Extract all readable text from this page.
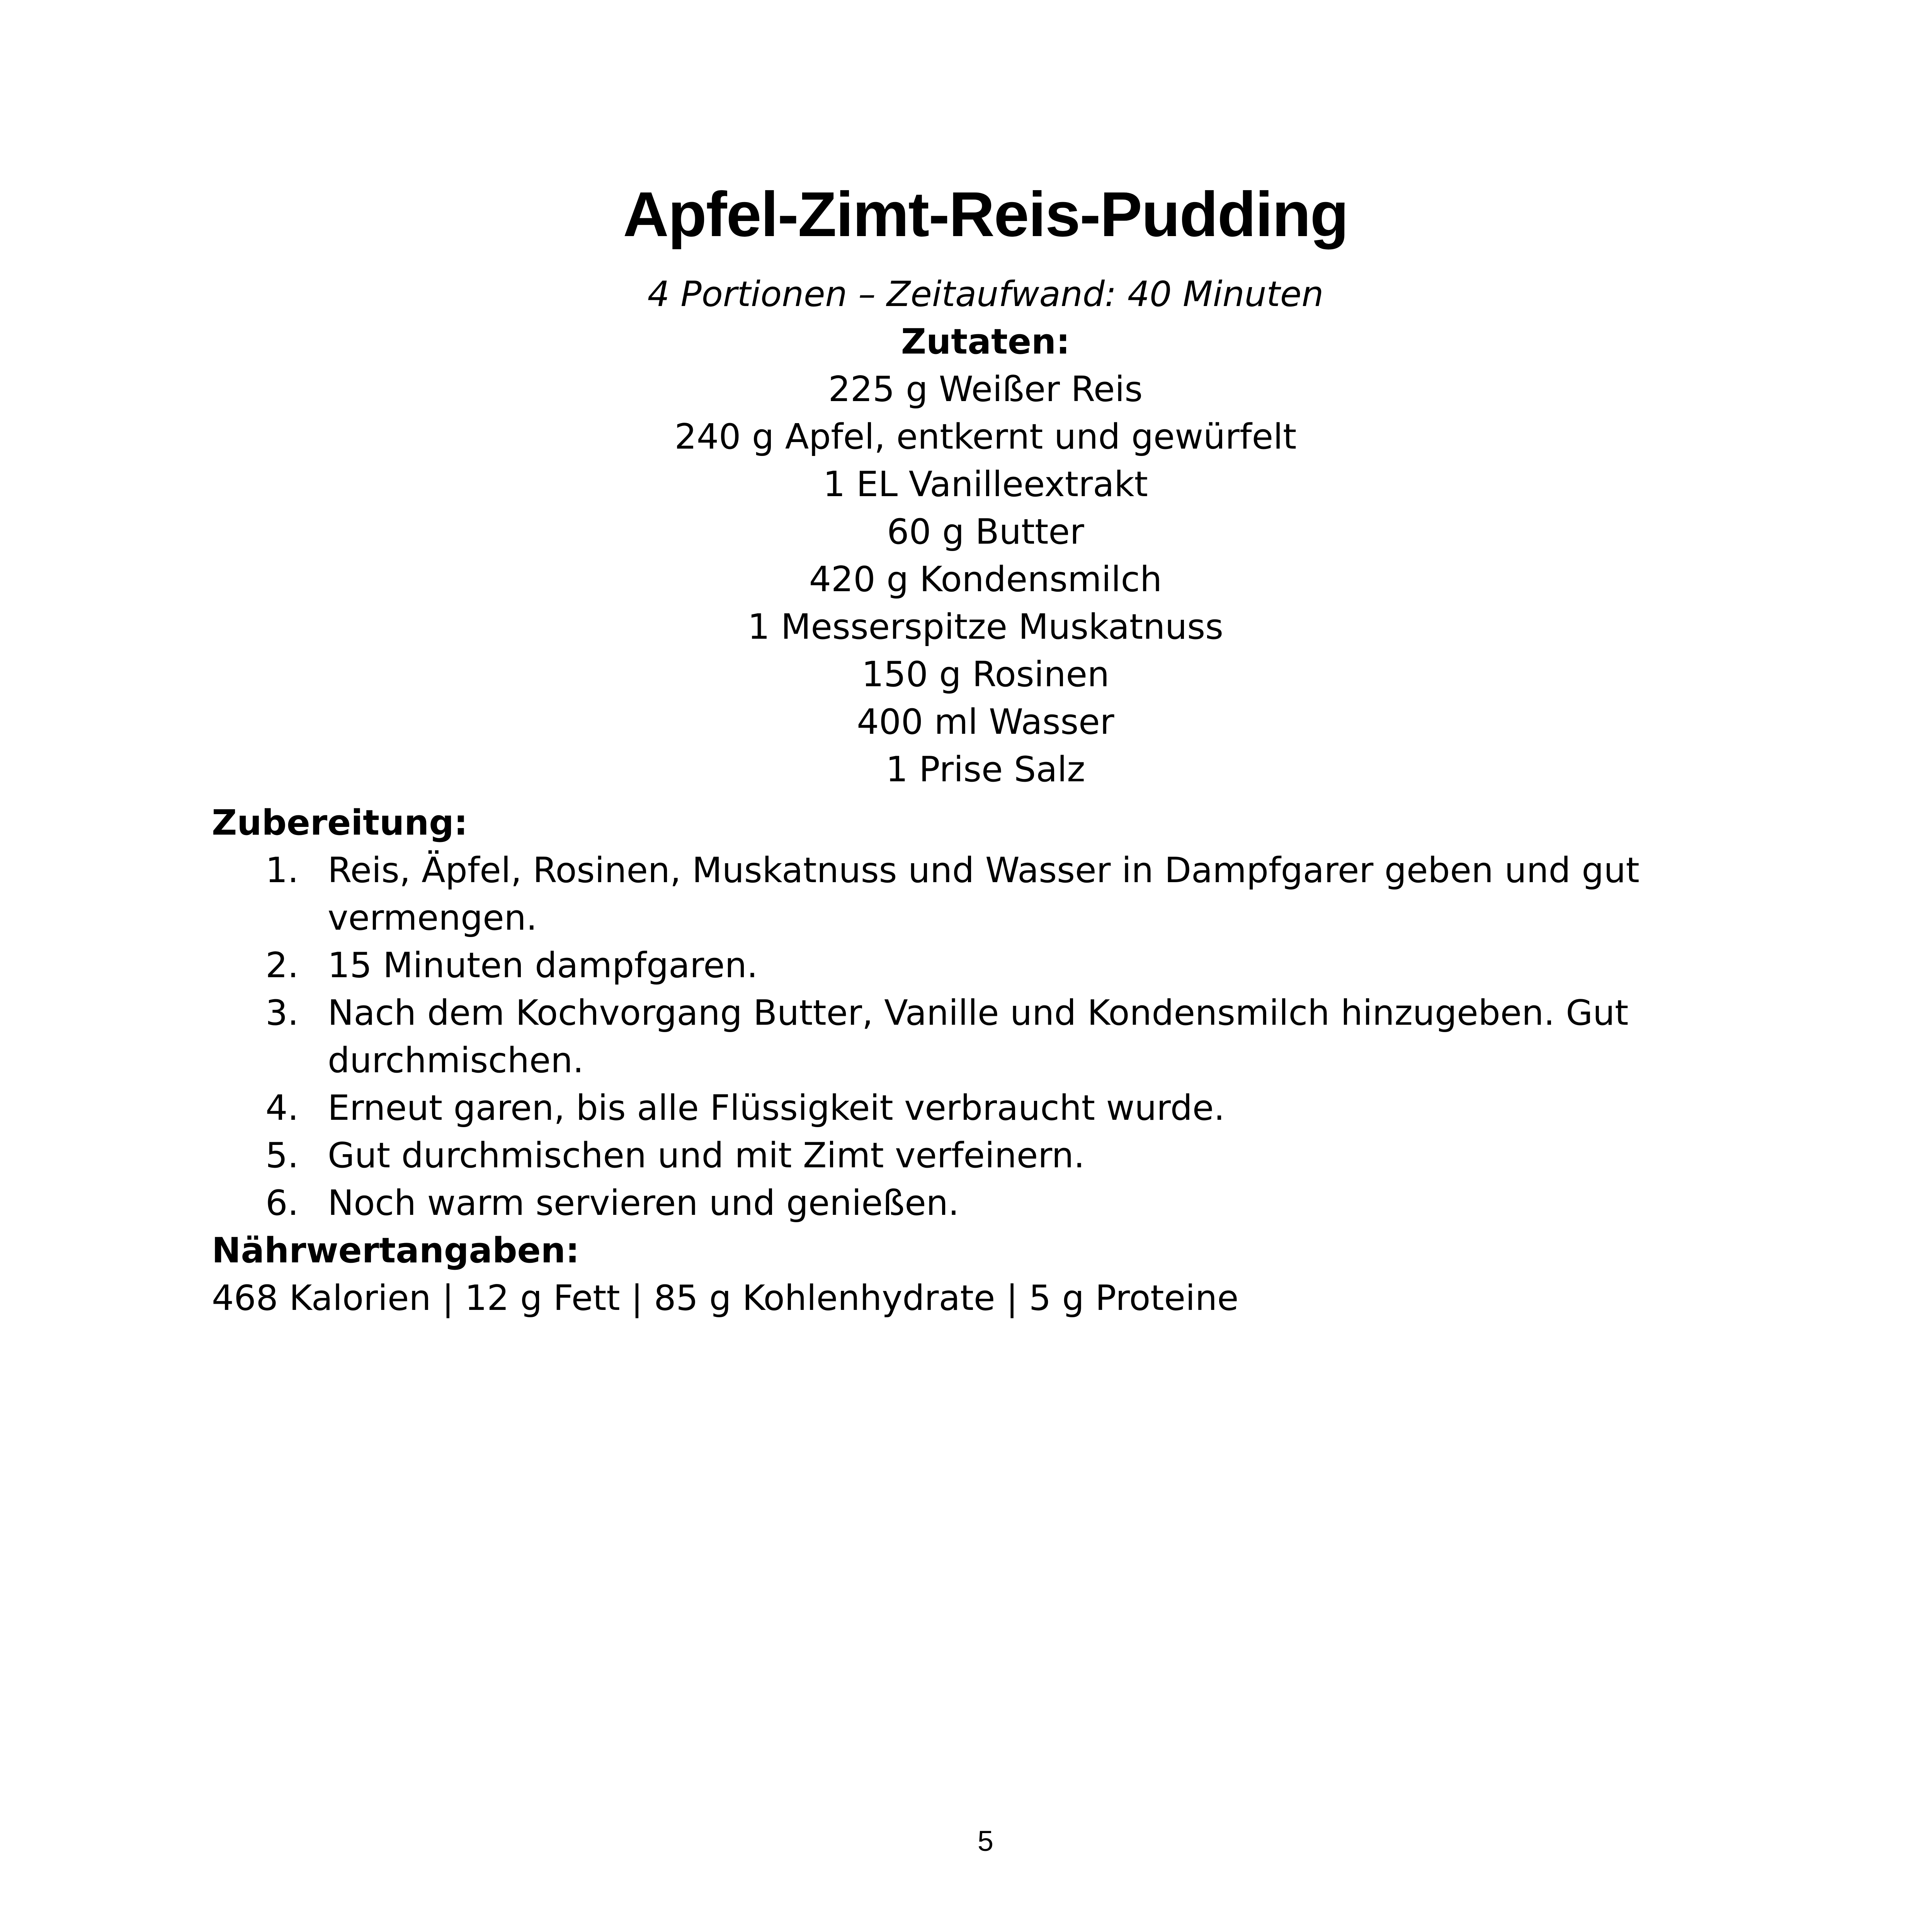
Apfel-Zimt-Reis-Pudding
4 Portionen – Zeitaufwand: 40 Minuten
Zutaten:
225 g Weißer Reis
240 g Apfel, entkernt und gewürfelt
1 EL Vanilleextrakt
60 g Butter
420 g Kondensmilch
1 Messerspitze Muskatnuss
150 g Rosinen
400 ml Wasser
1 Prise Salz
Zubereitung:
1. Reis, Äpfel, Rosinen, Muskatnuss und Wasser in Dampfgarer geben und gut vermengen.
2. 15 Minuten dampfgaren.
3. Nach dem Kochvorgang Butter, Vanille und Kondensmilch hinzugeben. Gut durchmischen.
4. Erneut garen, bis alle Flüssigkeit verbraucht wurde.
5. Gut durchmischen und mit Zimt verfeinern.
6. Noch warm servieren und genießen.
Nährwertangaben:
468 Kalorien | 12 g Fett | 85 g Kohlenhydrate | 5 g Proteine
5
